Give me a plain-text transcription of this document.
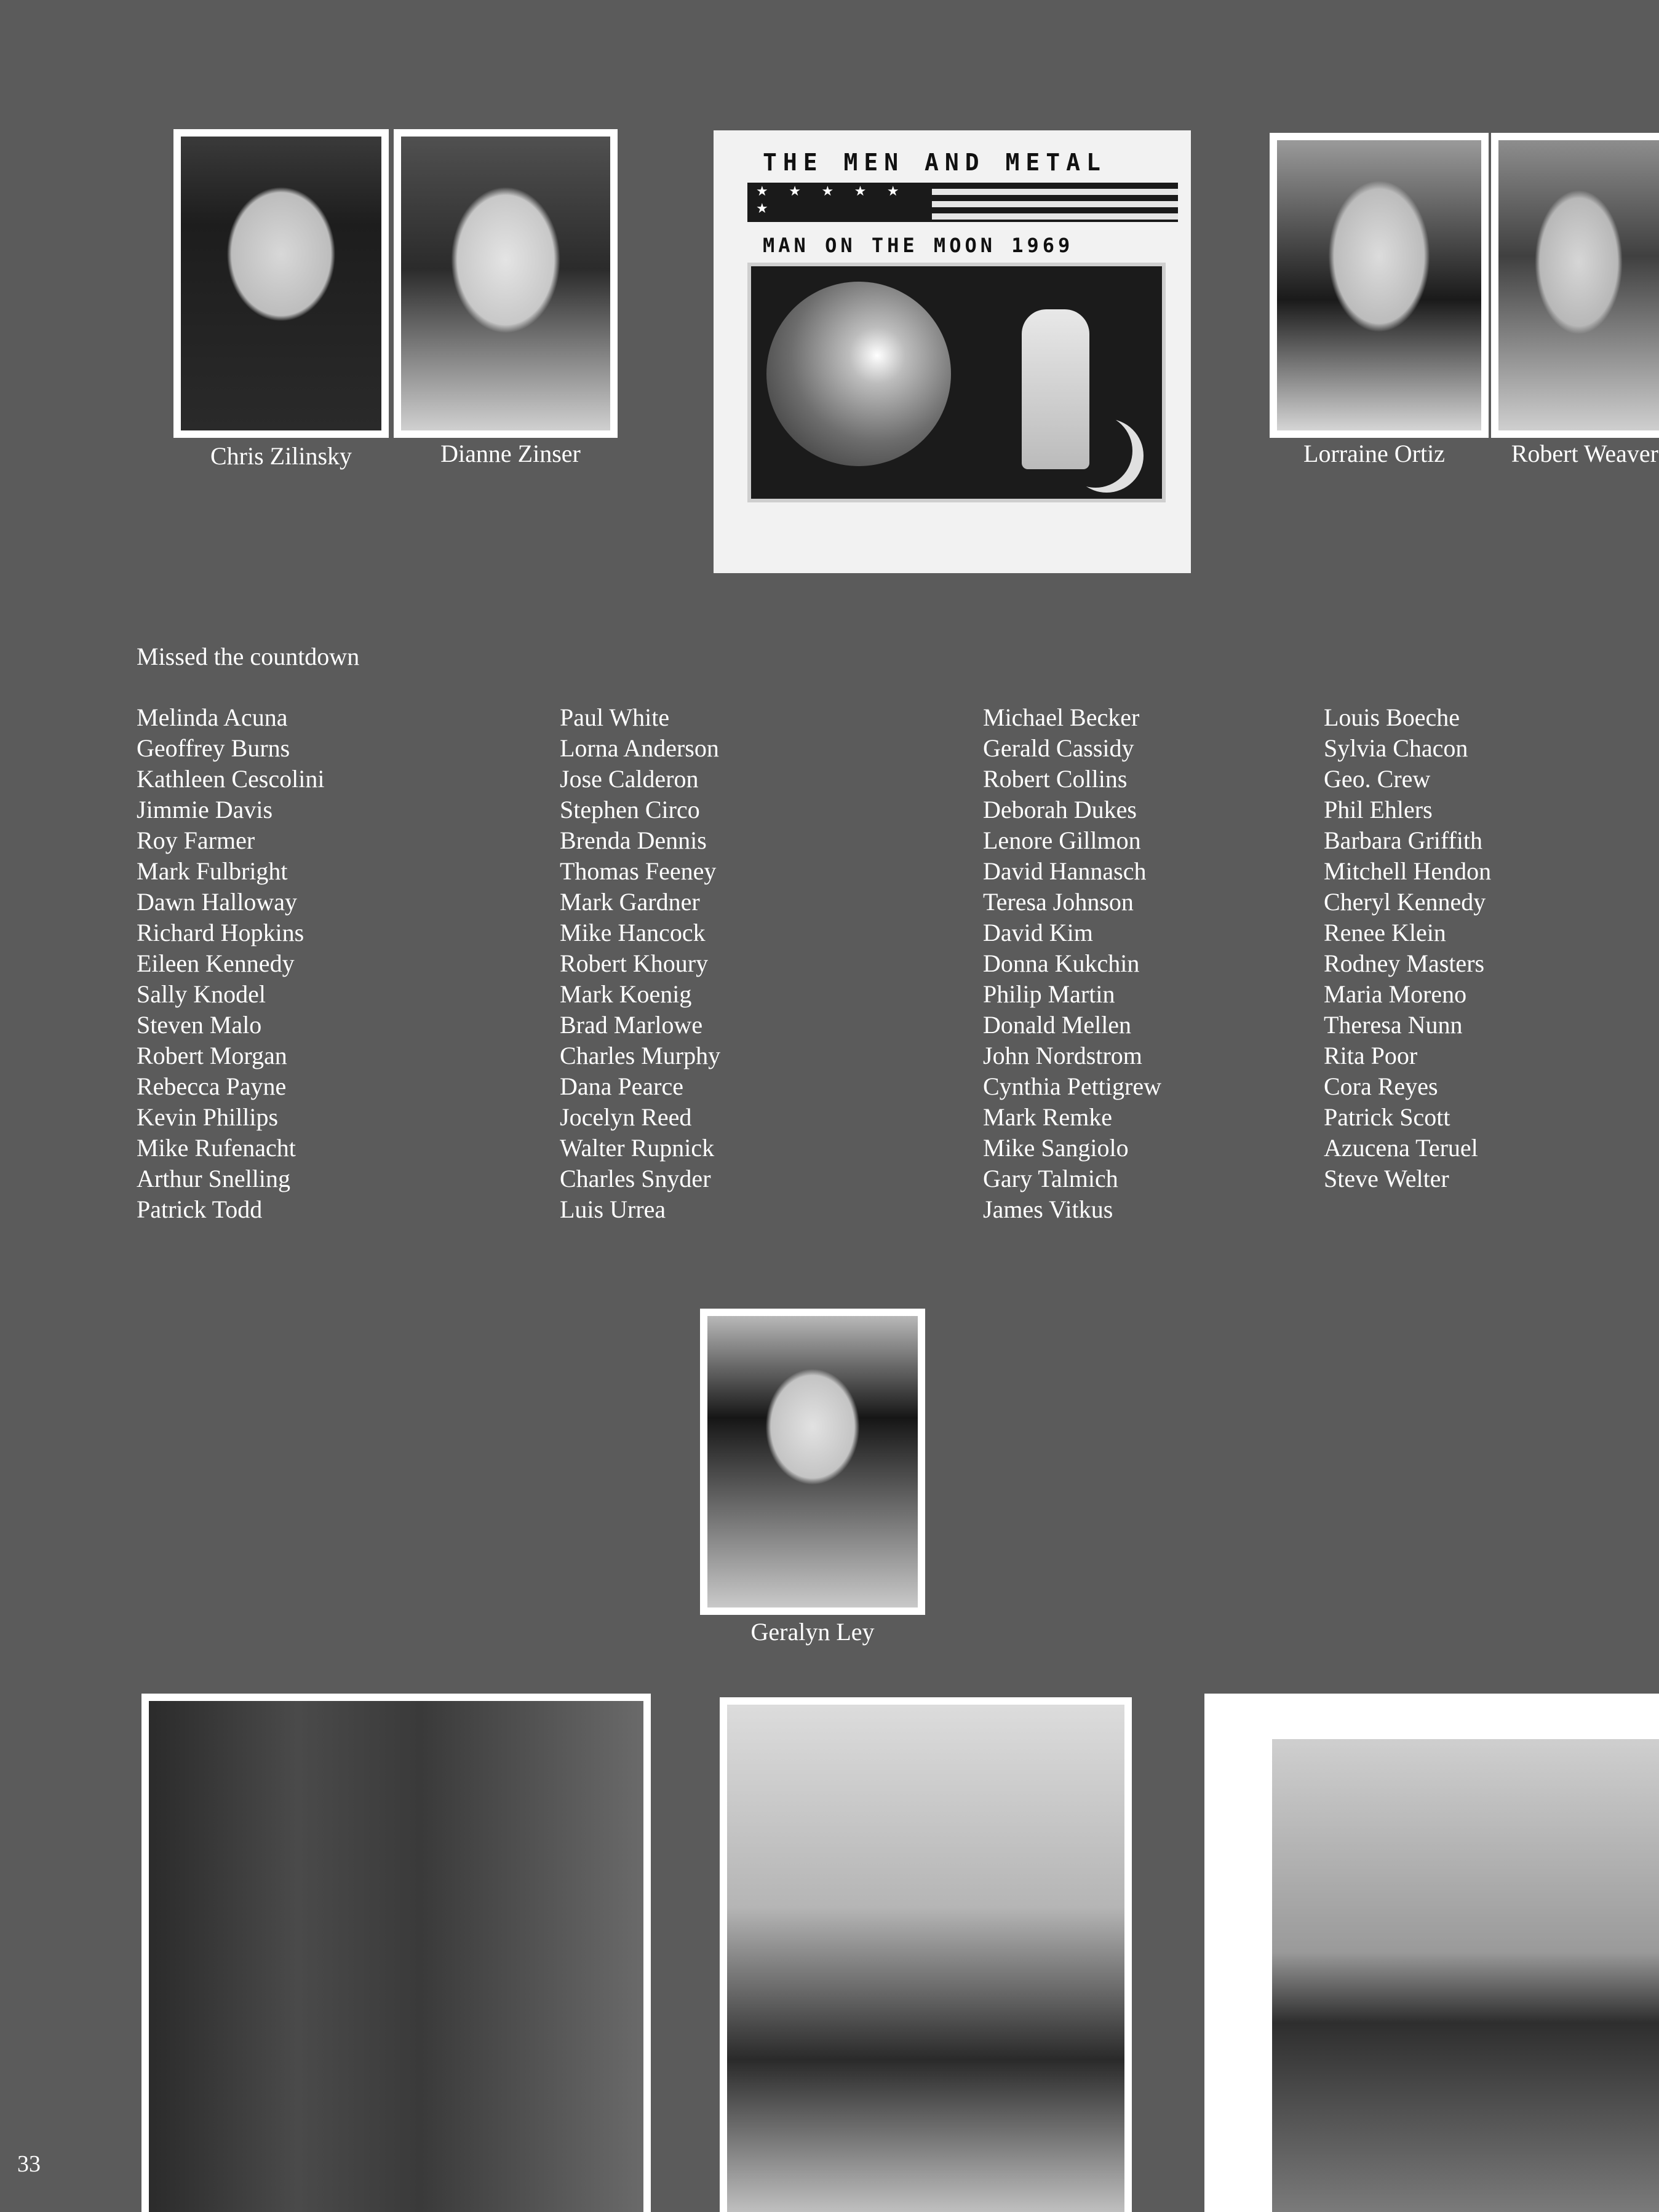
Chris Zilinsky	Dianne Zinser
THE MEN AND METAL
★ ★ ★ ★ ★ ★
MAN ON THE MOON 1969
Lorraine Ortiz	Robert Weaver
Missed the countdown
Melinda Acuna
Geoffrey Burns
Kathleen Cescolini
Jimmie Davis
Roy Farmer
Mark Fulbright
Dawn Halloway
Richard Hopkins
Eileen Kennedy
Sally Knodel
Steven Malo
Robert Morgan
Rebecca Payne
Kevin Phillips
Mike Rufenacht
Arthur Snelling
Patrick Todd
Paul White
Lorna Anderson
Jose Calderon
Stephen Circo
Brenda Dennis
Thomas Feeney
Mark Gardner
Mike Hancock
Robert Khoury
Mark Koenig
Brad Marlowe
Charles Murphy
Dana Pearce
Jocelyn Reed
Walter Rupnick
Charles Snyder
Luis Urrea
Michael Becker
Gerald Cassidy
Robert Collins
Deborah Dukes
Lenore Gillmon
David Hannasch
Teresa Johnson
David Kim
Donna Kukchin
Philip Martin
Donald Mellen
John Nordstrom
Cynthia Pettigrew
Mark Remke
Mike Sangiolo
Gary Talmich
James Vitkus
Louis Boeche
Sylvia Chacon
Geo. Crew
Phil Ehlers
Barbara Griffith
Mitchell Hendon
Cheryl Kennedy
Renee Klein
Rodney Masters
Maria Moreno
Theresa Nunn
Rita Poor
Cora Reyes
Patrick Scott
Azucena Teruel
Steve Welter
Geralyn Ley
33
